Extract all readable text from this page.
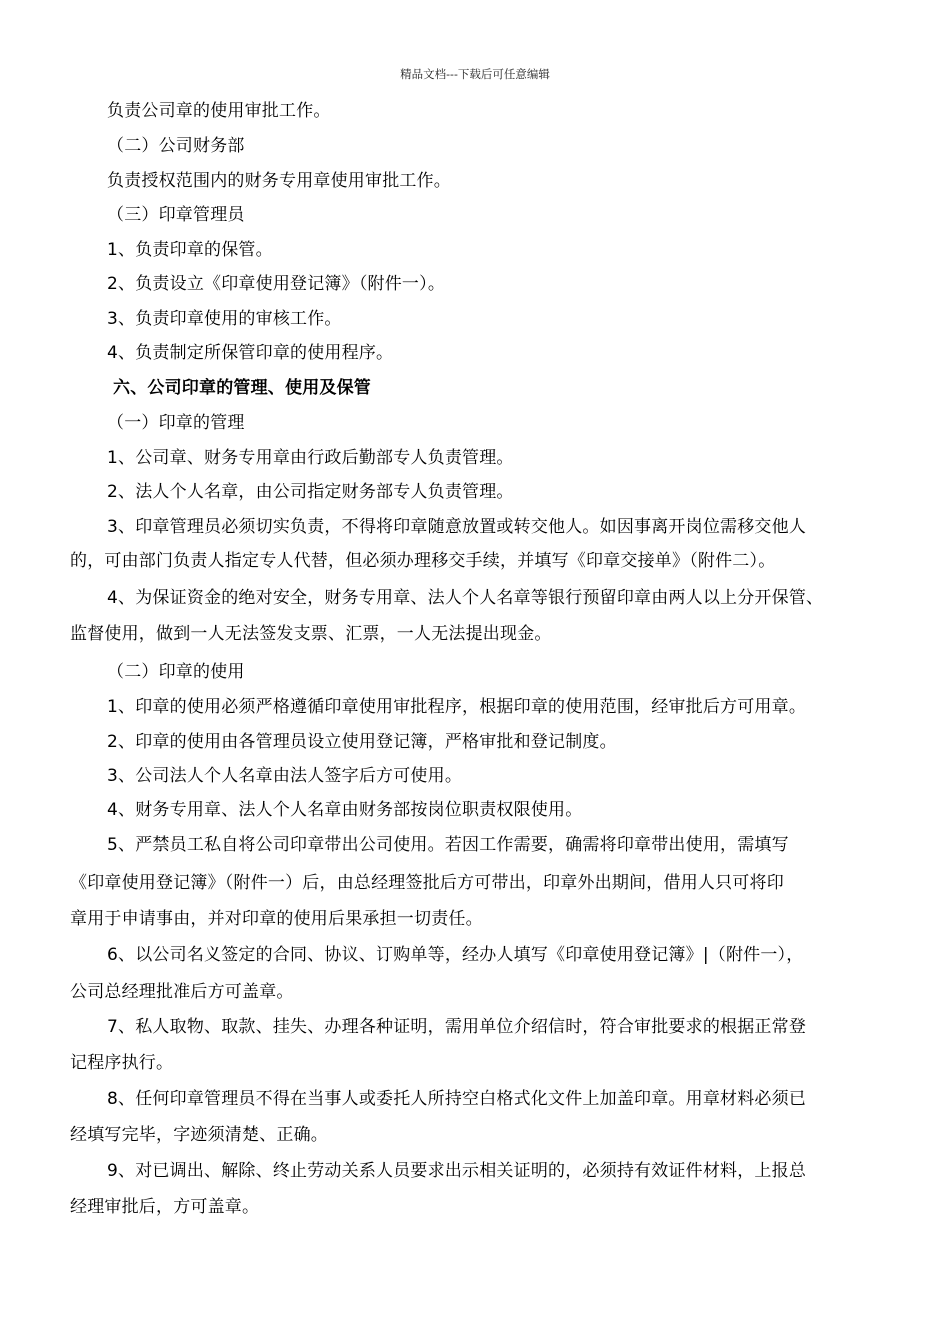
精品文档---下载后可任意编辑
负责公司章的使用审批工作。
（二）公司财务部
负责授权范围内的财务专用章使用审批工作。
（三）印章管理员
1、负责印章的保管。
2、负责设立《印章使用登记簿》（附件一）。
3、负责印章使用的审核工作。
4、负责制定所保管印章的使用程序。
六、公司印章的管理、使用及保管
（一）印章的管理
1、公司章、财务专用章由行政后勤部专人负责管理。
2、法人个人名章，由公司指定财务部专人负责管理。
3、印章管理员必须切实负责，不得将印章随意放置或转交他人。如因事离开岗位需移交他人
的，可由部门负责人指定专人代替，但必须办理移交手续，并填写《印章交接单》（附件二）。
4、为保证资金的绝对安全，财务专用章、法人个人名章等银行预留印章由两人以上分开保管、
监督使用，做到一人无法签发支票、汇票，一人无法提出现金。
（二）印章的使用
1、印章的使用必须严格遵循印章使用审批程序，根据印章的使用范围，经审批后方可用章。
2、印章的使用由各管理员设立使用登记簿，严格审批和登记制度。
3、公司法人个人名章由法人签字后方可使用。
4、财务专用章、法人个人名章由财务部按岗位职责权限使用。
5、严禁员工私自将公司印章带出公司使用。若因工作需要，确需将印章带出使用，需填写
《印章使用登记簿》（附件一）后，由总经理签批后方可带出，印章外出期间，借用人只可将印
章用于申请事由，并对印章的使用后果承担一切责任。
6、以公司名义签定的合同、协议、订购单等，经办人填写《印章使用登记簿》|（附件一），
公司总经理批准后方可盖章。
7、私人取物、取款、挂失、办理各种证明，需用单位介绍信时，符合审批要求的根据正常登
记程序执行。
8、任何印章管理员不得在当事人或委托人所持空白格式化文件上加盖印章。用章材料必须已
经填写完毕，字迹须清楚、正确。
9、对已调出、解除、终止劳动关系人员要求出示相关证明的，必须持有效证件材料，上报总
经理审批后，方可盖章。
